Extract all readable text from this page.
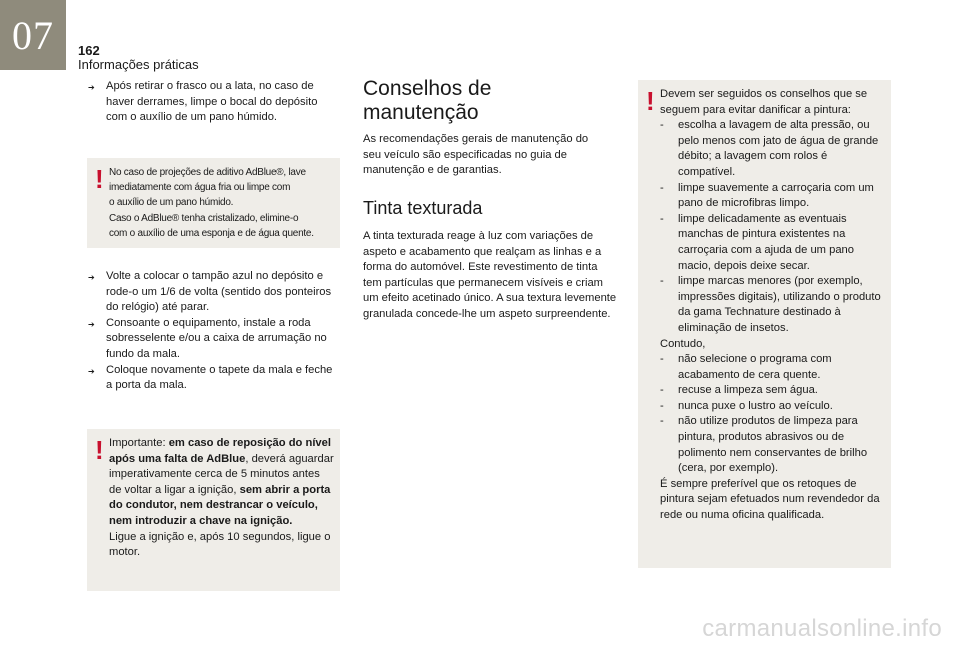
07	162
Informações práticas
➔ Após retirar o frasco ou a lata, no caso de haver derrames, limpe o bocal do depósito com o auxílio de um pano húmido.
! No caso de projeções de aditivo AdBlue®, lave
imediatamente com água fria ou limpe com
o auxílio de um pano húmido.
Caso o AdBlue® tenha cristalizado, elimine-o
com o auxílio de uma esponja e de água quente.
➔ Volte a colocar o tampão azul no depósito e rode-o um 1/6 de volta (sentido dos ponteiros do relógio) até parar.
➔ Consoante o equipamento, instale a roda sobresselente e/ou a caixa de arrumação no fundo da mala.
➔ Coloque novamente o tapete da mala e feche a porta da mala.
! Importante: em caso de reposição do nível após uma falta de AdBlue, deverá aguardar imperativamente cerca de 5 minutos antes de voltar a ligar a ignição, sem abrir a porta do condutor, nem destrancar o veículo, nem introduzir a chave na ignição.
Ligue a ignição e, após 10 segundos, ligue o motor.
Conselhos de manutenção
As recomendações gerais de manutenção do seu veículo são especificadas no guia de manutenção e de garantias.
Tinta texturada
A tinta texturada reage à luz com variações de aspeto e acabamento que realçam as linhas e a forma do automóvel. Este revestimento de tinta tem partículas que permanecem visíveis e criam um efeito acetinado único. A sua textura levemente granulada concede-lhe um aspeto surpreendente.
! Devem ser seguidos os conselhos que se seguem para evitar danificar a pintura:
- escolha a lavagem de alta pressão, ou pelo menos com jato de água de grande débito; a lavagem com rolos é compatível.
- limpe suavemente a carroçaria com um pano de microfibras limpo.
- limpe delicadamente as eventuais manchas de pintura existentes na carroçaria com a ajuda de um pano macio, depois deixe secar.
- limpe marcas menores (por exemplo, impressões digitais), utilizando o produto da gama Technature destinado à eliminação de insetos.
Contudo,
- não selecione o programa com acabamento de cera quente.
- recuse a limpeza sem água.
- nunca puxe o lustro ao veículo.
- não utilize produtos de limpeza para pintura, produtos abrasivos ou de polimento nem conservantes de brilho (cera, por exemplo).
É sempre preferível que os retoques de pintura sejam efetuados num revendedor da rede ou numa oficina qualificada.
carmanualsonline.info
